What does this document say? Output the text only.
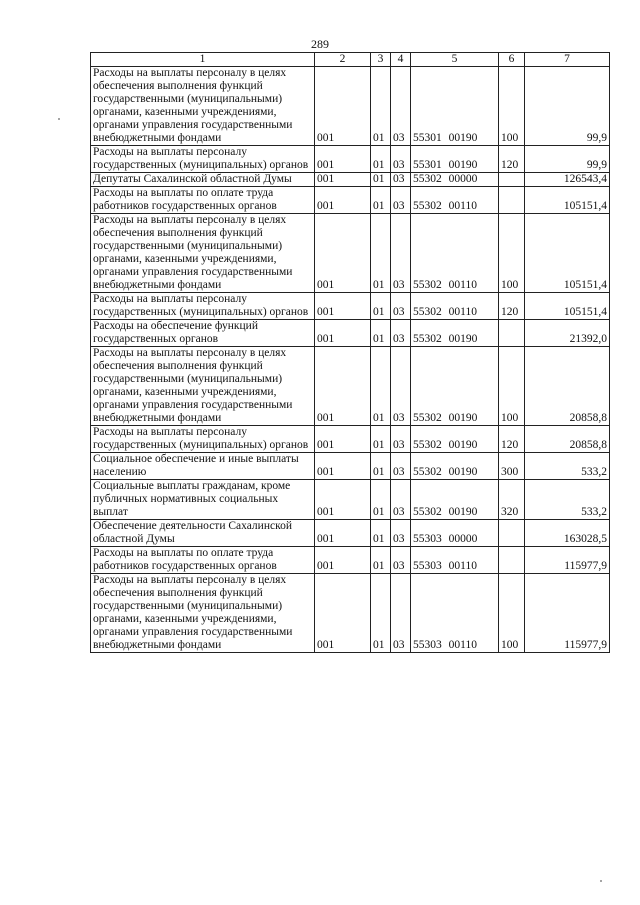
289
1	2	3	4	5	6	7
Расходы на выплаты персоналу в целях обеспечения выполнения функций государственными (муниципальными) органами, казенными учреждениями, органами управления государственными внебюджетными фондами	001	01	03	55301 00190	100	99,9
Расходы на выплаты персоналу государственных (муниципальных) органов	001	01	03	55301 00190	120	99,9
Депутаты Сахалинской областной Думы	001	01	03	55302 00000		126543,4
Расходы на выплаты по оплате труда работников государственных органов	001	01	03	55302 00110		105151,4
Расходы на выплаты персоналу в целях обеспечения выполнения функций государственными (муниципальными) органами, казенными учреждениями, органами управления государственными внебюджетными фондами	001	01	03	55302 00110	100	105151,4
Расходы на выплаты персоналу государственных (муниципальных) органов	001	01	03	55302 00110	120	105151,4
Расходы на обеспечение функций государственных органов	001	01	03	55302 00190		21392,0
Расходы на выплаты персоналу в целях обеспечения выполнения функций государственными (муниципальными) органами, казенными учреждениями, органами управления государственными внебюджетными фондами	001	01	03	55302 00190	100	20858,8
Расходы на выплаты персоналу государственных (муниципальных) органов	001	01	03	55302 00190	120	20858,8
Социальное обеспечение и иные выплаты населению	001	01	03	55302 00190	300	533,2
Социальные выплаты гражданам, кроме публичных нормативных социальных выплат	001	01	03	55302 00190	320	533,2
Обеспечение деятельности Сахалинской областной Думы	001	01	03	55303 00000		163028,5
Расходы на выплаты по оплате труда работников государственных органов	001	01	03	55303 00110		115977,9
Расходы на выплаты персоналу в целях обеспечения выполнения функций государственными (муниципальными) органами, казенными учреждениями, органами управления государственными внебюджетными фондами	001	01	03	55303 00110	100	115977,9
